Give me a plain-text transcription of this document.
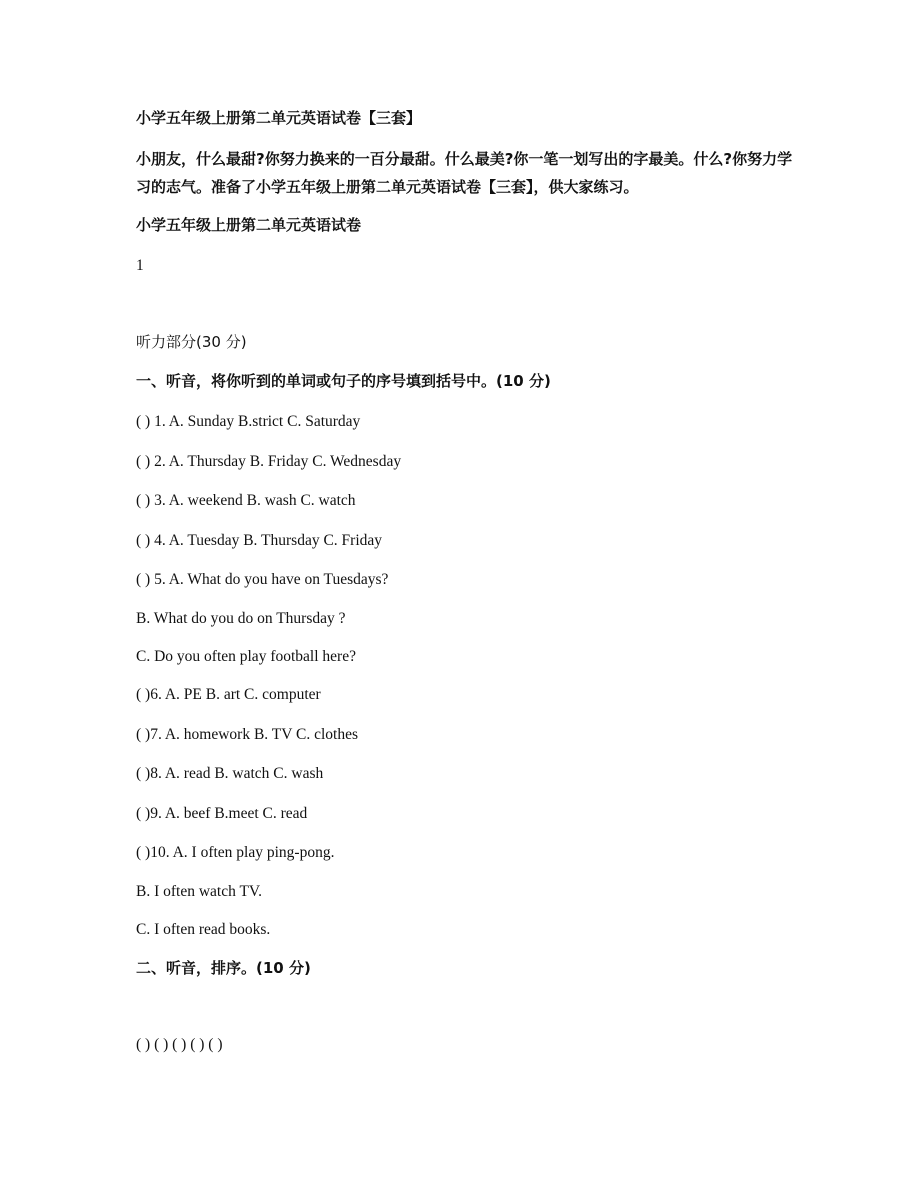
小学五年级上册第二单元英语试卷【三套】
小朋友，什么最甜?你努力换来的一百分最甜。什么最美?你一笔一划写出的字最美。什么?你努力学习的志气。准备了小学五年级上册第二单元英语试卷【三套】，供大家练习。
小学五年级上册第二单元英语试卷
1
听力部分(30 分)
一、听音，将你听到的单词或句子的序号填到括号中。(10 分)
( ) 1. A. Sunday B.strict C. Saturday
( ) 2. A. Thursday B. Friday C. Wednesday
( ) 3. A. weekend B. wash C. watch
( ) 4. A. Tuesday B. Thursday C. Friday
( ) 5. A. What do you have on Tuesdays?
B. What do you do on Thursday ?
C. Do you often play football here?
( )6. A. PE B. art C. computer
( )7. A. homework B. TV C. clothes
( )8. A. read B. watch C. wash
( )9. A. beef B.meet C. read
( )10. A. I often play ping-pong.
B. I often watch TV.
C. I often read books.
二、听音，排序。(10 分)
( ) ( ) ( ) ( ) ( )
